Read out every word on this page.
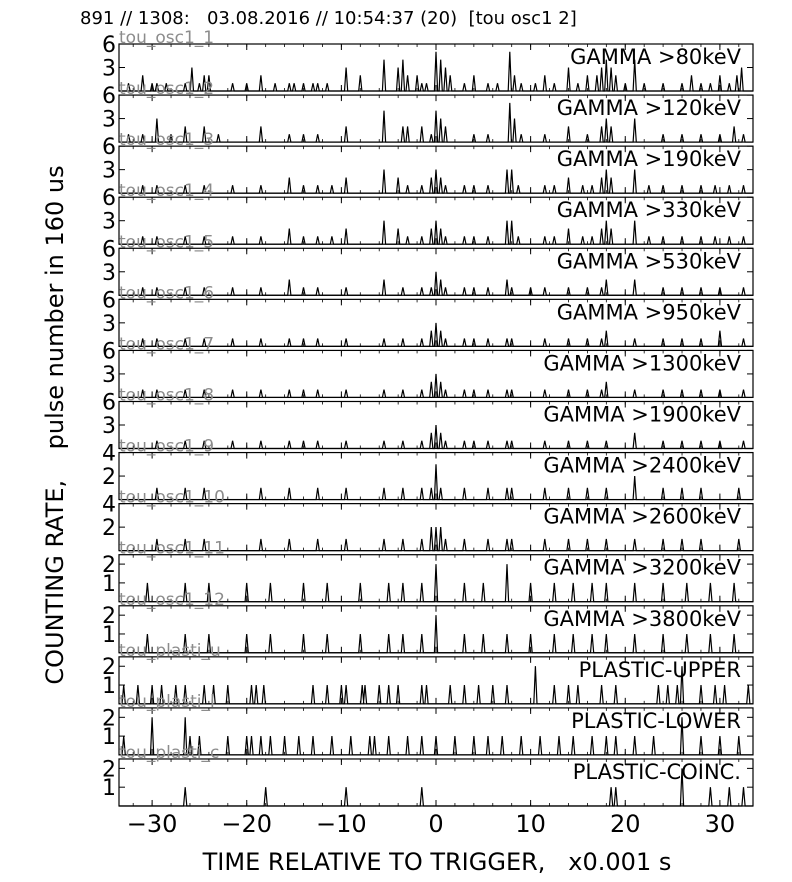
891 // 1308:   03.08.2016 // 10:54:37 (20)  [tou osc1 2]
COUNTING RATE,    pulse number in 160 us
3
6 tou_osc1_1
GAMMA >80keV
3
6 tou_osc1_2
GAMMA >120keV
3
6 tou_osc1_3
GAMMA >190keV
3
6 tou_osc1_4
GAMMA >330keV
3
6 tou_osc1_5
GAMMA >530keV
3
6 tou_osc1_6
GAMMA >950keV
3
6 tou_osc1_7
GAMMA >1300keV
3
6 tou_osc1_8
GAMMA >1900keV
2
4 tou_osc1_9
GAMMA >2400keV
2
4 tou_osc1_10
GAMMA >2600keV
1
2
tou_osc1_11
GAMMA >3200keV
1
2
tou_osc1_12
GAMMA >3800keV
1
2
tou_plasti_u
PLASTIC-UPPER
1
2
tou_plasti_l
PLASTIC-LOWER
1
2
tou_plasti_c
PLASTIC-COINC.
−30 −20 −10	0	10	20	30
TIME RELATIVE TO TRIGGER,   x0.001 s
